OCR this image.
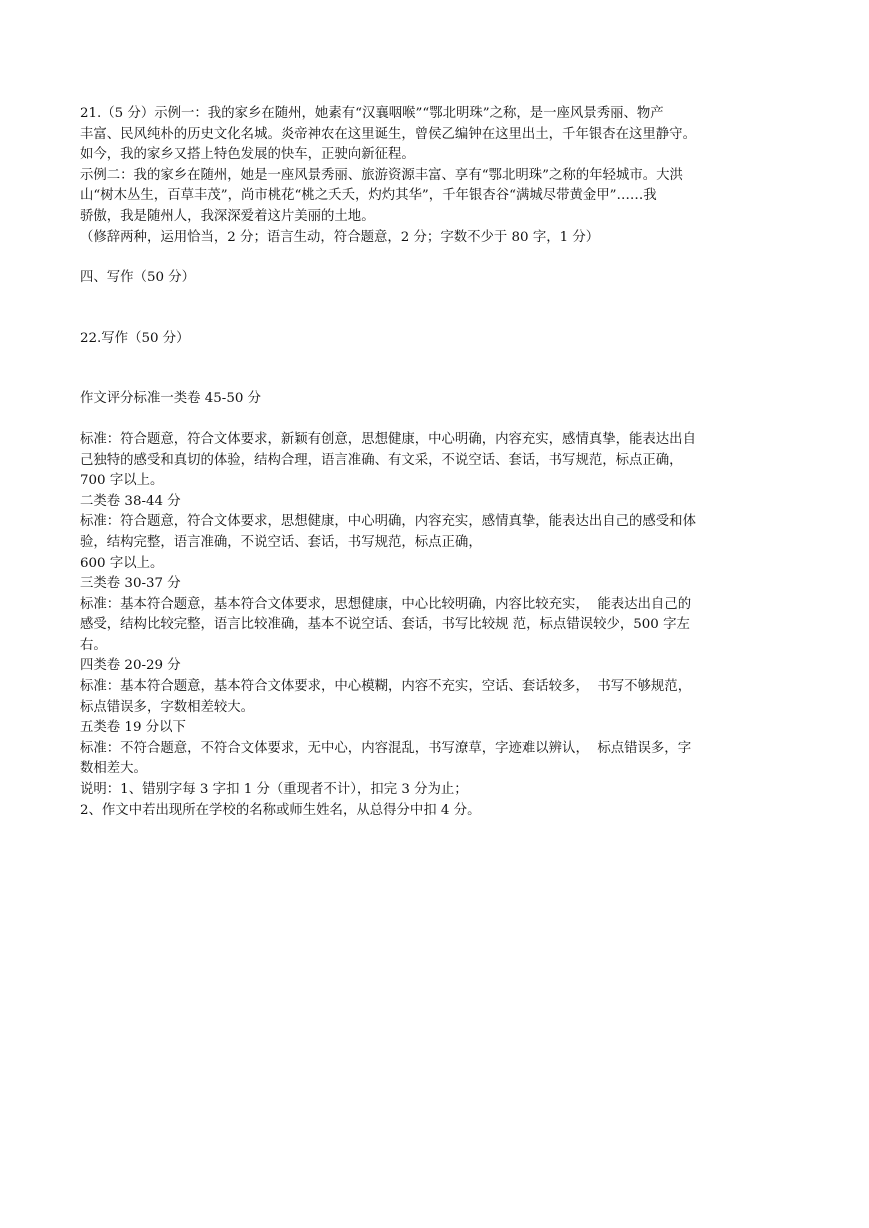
21.（5 分）示例一：我的家乡在随州，她素有“汉襄咽喉”“鄂北明珠”之称，是一座风景秀丽、物产

丰富、民风纯朴的历史文化名城。炎帝神农在这里诞生，曾侯乙编钟在这里出土，千年银杏在这里静守。

如今，我的家乡又搭上特色发展的快车，正驶向新征程。

示例二：我的家乡在随州，她是一座风景秀丽、旅游资源丰富、享有“鄂北明珠”之称的年轻城市。大洪

山“树木丛生，百草丰茂”，尚市桃花“桃之夭夭，灼灼其华”，千年银杏谷“满城尽带黄金甲”……我

骄傲，我是随州人，我深深爱着这片美丽的土地。

（修辞两种，运用恰当，2 分；语言生动，符合题意，2 分；字数不少于 80 字，1 分）

四、写作（50 分）

22.写作（50 分）

作文评分标准一类卷 45-50 分

标准：符合题意，符合文体要求，新颖有创意，思想健康，中心明确，内容充实，感情真挚，能表达出自

己独特的感受和真切的体验，结构合理，语言准确、有文采，不说空话、套话，书写规范，标点正确，

700 字以上。

二类卷 38-44 分

标准：符合题意，符合文体要求，思想健康，中心明确，内容充实，感情真挚，能表达出自己的感受和体

验，结构完整，语言准确，不说空话、套话，书写规范，标点正确，

600 字以上。

三类卷 30-37 分

标准：基本符合题意，基本符合文体要求，思想健康，中心比较明确，内容比较充实，  能表达出自己的

感受，结构比较完整，语言比较准确，基本不说空话、套话，书写比较规 范，标点错误较少，500 字左

右。

四类卷 20-29 分

标准：基本符合题意，基本符合文体要求，中心模糊，内容不充实，空话、套话较多，  书写不够规范，

标点错误多，字数相差较大。

五类卷 19 分以下

标准：不符合题意，不符合文体要求，无中心，内容混乱，书写潦草，字迹难以辨认，  标点错误多，字

数相差大。

说明：1、错别字每 3 字扣 1 分（重现者不计），扣完 3 分为止；

2、作文中若出现所在学校的名称或师生姓名，从总得分中扣 4 分。
